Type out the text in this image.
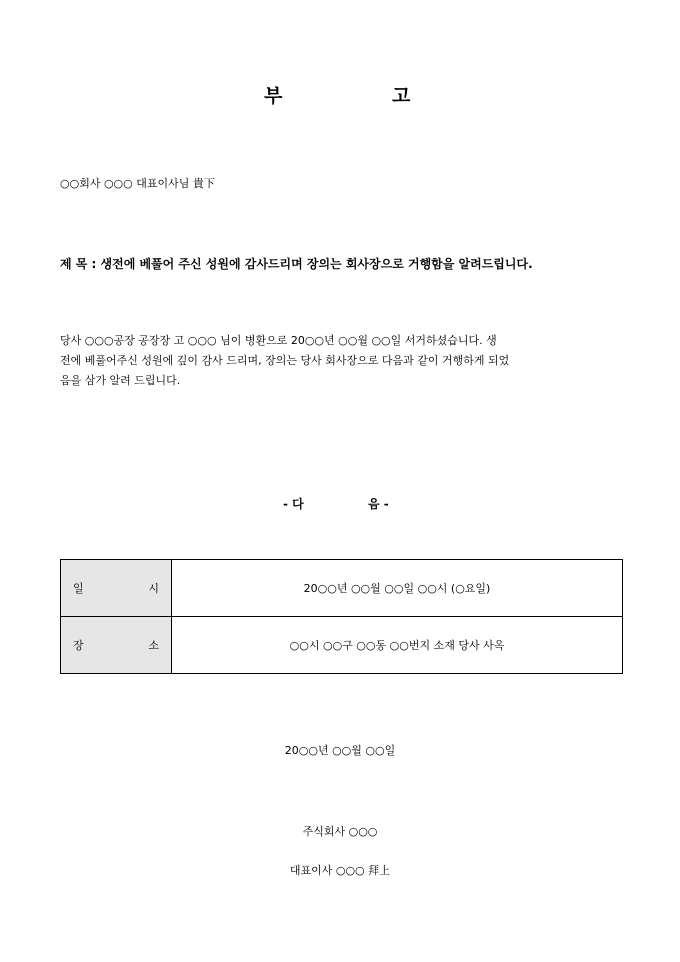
부	고
○○회사 ○○○ 대표이사님 貴下
제 목 : 생전에 베풀어 주신 성원에 감사드리며 장의는 회사장으로 거행함을 알려드립니다.
당사 ○○○공장 공장장 고 ○○○ 님이 병환으로 20○○년 ○○월 ○○일 서거하셨습니다. 생
전에 베풀어주신 성원에 깊이 감사 드리며, 장의는 당사 회사장으로 다음과 같이 거행하게 되었
음을 삼가 알려 드립니다.
- 다	음 -
일 시	20○○년 ○○월 ○○일 ○○시 (○요일)

장 소	○○시 ○○구 ○○동 ○○번지 소재 당사 사옥
20○○년 ○○월 ○○일
주식회사 ○○○
대표이사 ○○○ 拜上
